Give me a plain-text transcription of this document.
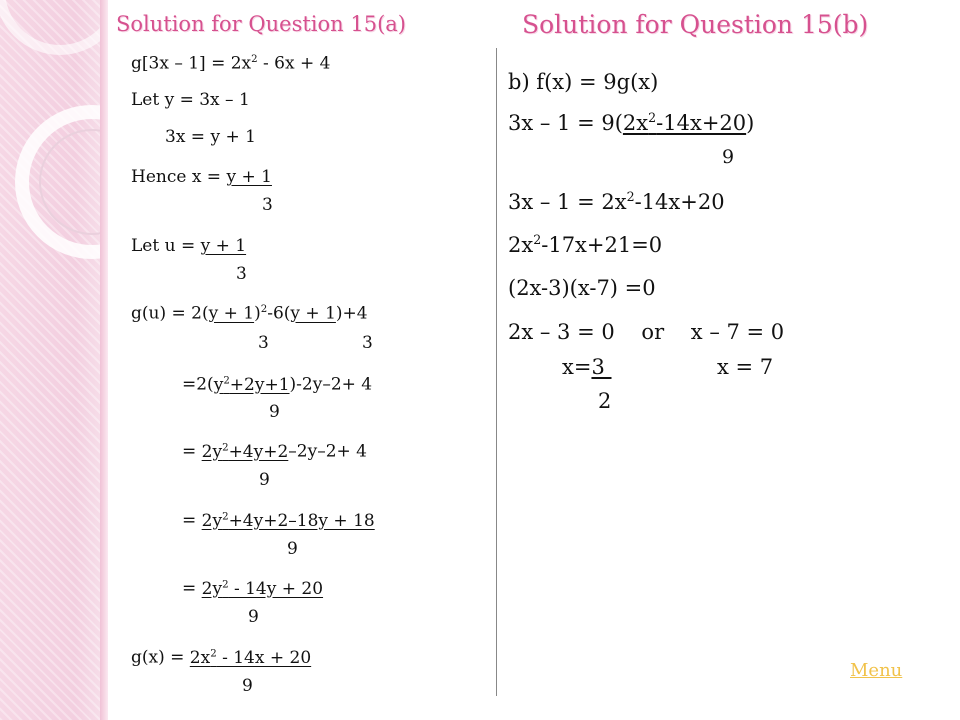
Solution for Question 15(a)	Solution for Question 15(b)
$g[3x - 1] = 2x^2 - 6x + 4$
Let y = 3x – 1
3x = y + 1
Hence x = y + 1
3
Let u = y + 1
3
$g(u) = 2(y + 1)^2-6(y + 1)+4$
3	3
$=2(y^2+2y+1)-2y-2+ 4$
9
= $2y^2+4y+2-2y-2+ 4$
9
= $2y^2+4y+2-18y + 18$
9
= $2y^2 - 14y + 20$
9
$g(x) = 2x^2 - 14x + 20$
9
b) f(x) = 9g(x)
$3x - 1 = 9(2x^2-14x+20)$
9
$3x - 1 = 2x^2-14x+20$
$2x^2-17x+21=0$
(2x-3)(x-7) =0
2x – 3 = 0    or    x – 7 = 0
x=3	x = 7
2
Menu
